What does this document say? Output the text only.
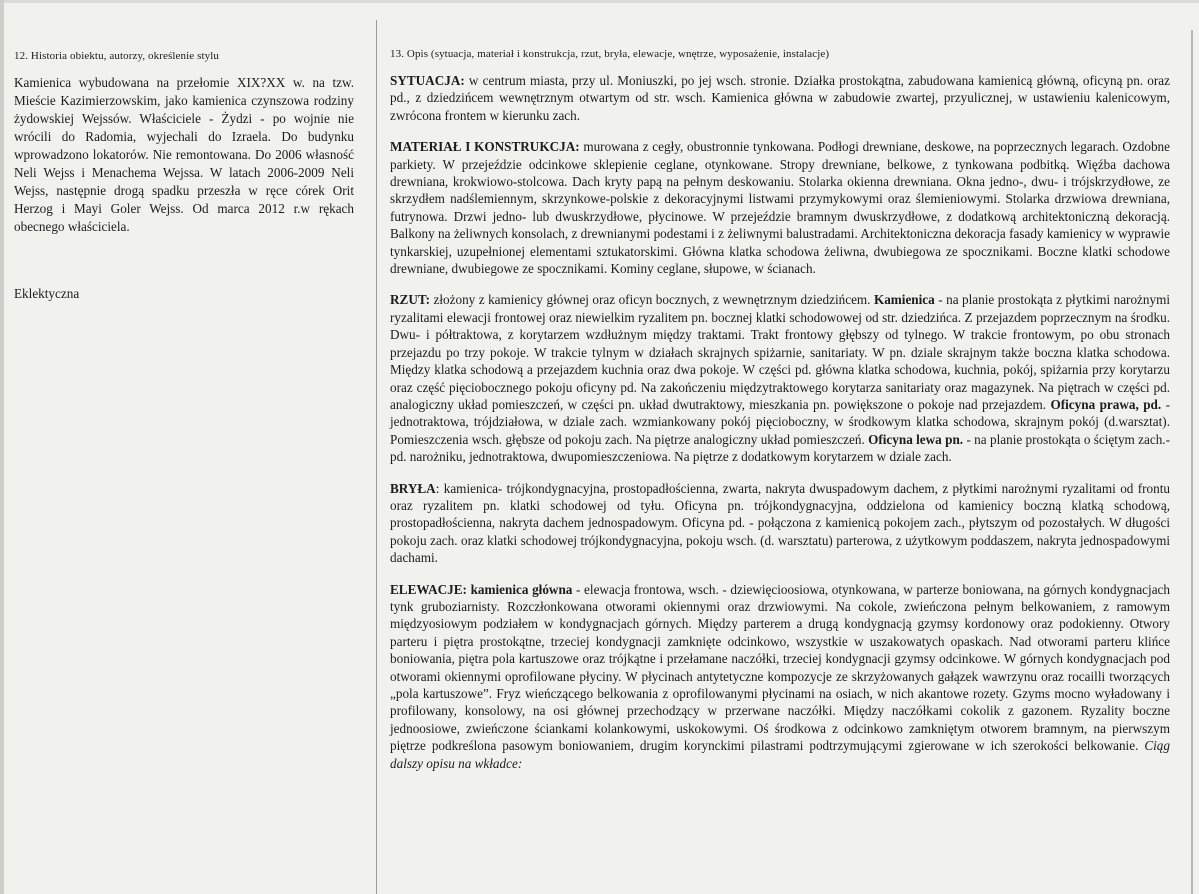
12. Historia obiektu, autorzy, określenie stylu

Kamienica wybudowana na przełomie XIX?XX w. na tzw. Mieście Kazimierzowskim, jako kamienica czynszowa rodziny żydowskiej Wejssów. Właściciele - Żydzi - po wojnie nie wrócili do Radomia, wyjechali do Izraela. Do budynku wprowadzono lokatorów. Nie remontowana. Do 2006 własność Neli Wejss i Menachema Wejssa. W latach 2006-2009 Neli Wejss, następnie drogą spadku przeszła w ręce córek Orit Herzog i Mayi Goler Wejss. Od marca 2012 r.w rękach obecnego właściciela.

Eklektyczna
13. Opis (sytuacja, materiał i konstrukcja, rzut, bryła, elewacje, wnętrze, wyposażenie, instalacje)

SYTUACJA: w centrum miasta, przy ul. Moniuszki, po jej wsch. stronie. Działka prostokątna, zabudowana kamienicą główną, oficyną pn. oraz pd., z dziedzińcem wewnętrznym otwartym od str. wsch. Kamienica główna w zabudowie zwartej, przyulicznej, w ustawieniu kalenicowym, zwrócona frontem w kierunku zach.

MATERIAŁ I KONSTRUKCJA: murowana z cegły, obustronnie tynkowana. Podłogi drewniane, deskowe, na poprzecznych legarach. Ozdobne parkiety. W przejeździe odcinkowe sklepienie ceglane, otynkowane. Stropy drewniane, belkowe, z tynkowana podbitką. Więźba dachowa drewniana, krokwiowo-stolcowa. Dach kryty papą na pełnym deskowaniu. Stolarka okienna drewniana. Okna jedno-, dwu- i trójskrzydłowe, ze skrzydłem nadślemiennym, skrzynkowe-polskie z dekoracyjnymi listwami przymykowymi oraz ślemieniowymi. Stolarka drzwiowa drewniana, futrynowa. Drzwi jedno- lub dwuskrzydłowe, płycinowe. W przejeździe bramnym dwuskrzydłowe, z dodatkową architektoniczną dekoracją. Balkony na żeliwnych konsolach, z drewnianymi podestami i z żeliwnymi balustradami. Architektoniczna dekoracja fasady kamienicy w wyprawie tynkarskiej, uzupełnionej elementami sztukatorskimi. Główna klatka schodowa żeliwna, dwubiegowa ze spocznikami. Boczne klatki schodowe drewniane, dwubiegowe ze spocznikami. Kominy ceglane, słupowe, w ścianach.

RZUT: złożony z kamienicy głównej oraz oficyn bocznych, z wewnętrznym dziedzińcem. Kamienica - na planie prostokąta z płytkimi narożnymi ryzalitami elewacji frontowej oraz niewielkim ryzalitem pn. bocznej klatki schodowowej od str. dziedzińca. Z przejazdem poprzecznym na środku. Dwu- i półtraktowa, z korytarzem wzdłużnym między traktami. Trakt frontowy głębszy od tylnego. W trakcie frontowym, po obu stronach przejazdu po trzy pokoje. W trakcie tylnym w działach skrajnych spiżarnie, sanitariaty. W pn. dziale skrajnym także boczna klatka schodowa. Między klatka schodową a przejazdem kuchnia oraz dwa pokoje. W części pd. główna klatka schodowa, kuchnia, pokój, spiżarnia przy korytarzu oraz część pięciobocznego pokoju oficyny pd. Na zakończeniu międzytraktowego korytarza sanitariaty oraz magazynek. Na piętrach w części pd. analogiczny układ pomieszczeń, w części pn. układ dwutraktowy, mieszkania pn. powiększone o pokoje nad przejazdem. Oficyna prawa, pd. - jednotraktowa, trójdziałowa, w dziale zach. wzmiankowany pokój pięcioboczny, w środkowym klatka schodowa, skrajnym pokój (d.warsztat). Pomieszczenia wsch. głębsze od pokoju zach. Na piętrze analogiczny układ pomieszczeń. Oficyna lewa pn. - na planie prostokąta o ściętym zach.-pd. narożniku, jednotraktowa, dwupomieszczeniowa. Na piętrze z dodatkowym korytarzem w dziale zach.

BRYŁA: kamienica- trójkondygnacyjna, prostopadłościenna, zwarta, nakryta dwuspadowym dachem, z płytkimi narożnymi ryzalitami od frontu oraz ryzalitem pn. klatki schodowej od tyłu. Oficyna pn. trójkondygnacyjna, oddzielona od kamienicy boczną klatką schodową, prostopadłościenna, nakryta dachem jednospadowym. Oficyna pd. - połączona z kamienicą pokojem zach., płytszym od pozostałych. W długości pokoju zach. oraz klatki schodowej trójkondygnacyjna, pokoju wsch. (d. warsztatu) parterowa, z użytkowym poddaszem, nakryta jednospadowymi dachami.

ELEWACJE: kamienica główna - elewacja frontowa, wsch. - dziewięcioosiowa, otynkowana, w parterze boniowana, na górnych kondygnacjach tynk gruboziarnisty. Rozczłonkowana otworami okiennymi oraz drzwiowymi. Na cokole, zwieńczona pełnym belkowaniem, z ramowym międzyosiowym podziałem w kondygnacjach górnych. Między parterem a drugą kondygnacją gzymsy kordonowy oraz podokienny. Otwory parteru i piętra prostokątne, trzeciej kondygnacji zamknięte odcinkowo, wszystkie w uszakowatych opaskach. Nad otworami parteru klińce boniowania, piętra pola kartuszowe oraz trójkątne i przełamane naczółki, trzeciej kondygnacji gzymsy odcinkowe. W górnych kondygnacjach pod otworami okiennymi oprofilowane płyciny. W płycinach antytetyczne kompozycje ze skrzyżowanych gałązek wawrzynu oraz rocailli tworzących „pola kartuszowe”. Fryz wieńczącego belkowania z oprofilowanymi płycinami na osiach, w nich akantowe rozety. Gzyms mocno wyładowany i profilowany, konsolowy, na osi głównej przechodzący w przerwane naczółki. Między naczółkami cokolik z gazonem. Ryzality boczne jednoosiowe, zwieńczone ściankami kolankowymi, uskokowymi. Oś środkowa z odcinkowo zamkniętym otworem bramnym, na pierwszym piętrze podkreślona pasowym boniowaniem, drugim korynckimi pilastrami podtrzymującymi zgierowane w ich szerokości belkowanie. Ciąg dalszy opisu na wkładce:
